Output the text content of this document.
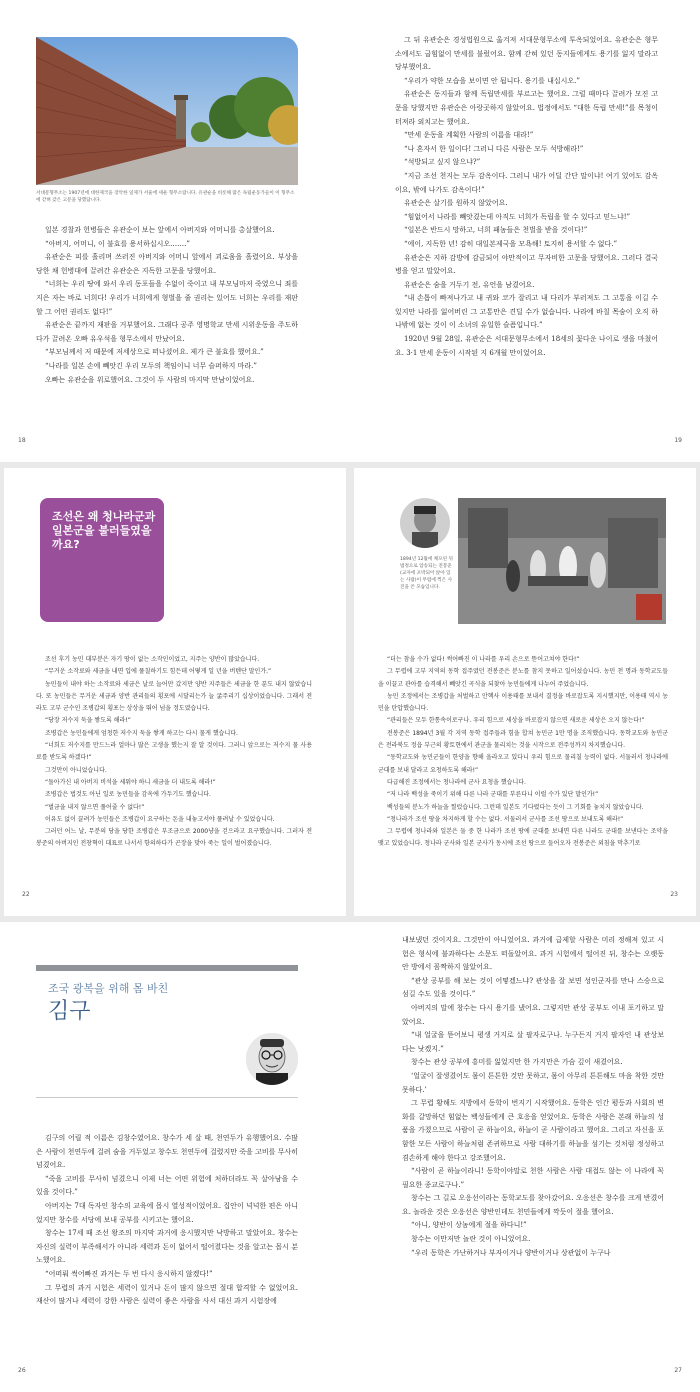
서대문형무소는 1907년에 대한제국을 장악한 일제가 서울에 세운 형무소랍니다. 유관순을 비롯해 많은 독립운동가들이 이 형무소에 갇혀 갖은 고문을 당했답니다.

일본 경찰과 헌병들은 유관순이 보는 앞에서 아버지와 어머니를 총살했어요.

“아버지, 어머니, 이 불효를 용서하십시오…….”

유관순은 피를 흘리며 쓰러진 아버지와 어머니 앞에서 괴로움을 흘렸어요. 부상을 당한 채 헌병대에 끌려간 유관순은 지독한 고문을 당했어요.

“너희는 우리 땅에 와서 우리 동포들을 수없이 죽이고 내 부모님마저 죽였으니 죄를 지은 자는 바로 너희다! 우리가 너희에게 형벌을 줄 권리는 있어도 너희는 우리를 재판할 그 어떤 권리도 없다!”

유관순은 끝까지 재판을 거부했어요. 그래다 공주 영명학교 만세 시위운동을 주도하다가 끌려온 오빠 유우석을 형무소에서 만났어요.

“부모님께서 저 때문에 저세상으로 떠나셨어요. 제가 큰 불효를 했어요.”

“나라를 일본 손에 빼앗긴 우리 모두의 책임이니 너무 슬퍼하지 마라.”

오빠는 유관순을 위로했어요. 그것이 두 사람의 마지막 만남이었어요.

18

그 뒤 유관순은 경성법원으로 옮겨져 서대문형무소에 투옥되었어요. 유관순은 형무소에서도 굽힘없이 만세를 불렀어요. 함께 갇혀 있던 동지들에게도 용기를 잃지 말라고 당부했어요.

“우리가 약한 모습을 보이면 안 됩니다. 용기를 내십시오.”

유관순은 동지들과 함께 독립만세를 부르고는 했어요. 그럴 때마다 끌려가 모진 고문을 당했지만 유관순은 아랑곳하지 않았어요. 법정에서도 “대한 독립 만세!”를 목청이 터져라 외치고는 했어요.

“만세 운동을 계획한 사람의 이름을 대라!”

“나 혼자서 한 일이다! 그러니 다른 사람은 모두 석방해라!”

“석방되고 싶지 않으냐?”

“지금 조선 천지는 모두 감옥이다. 그러니 내가 어딜 간단 말이냐! 여기 있어도 감옥이요, 밖에 나가도 감옥이다!”

유관순은 살기를 원하지 않았어요.

“힘없어서 나라를 빼앗겼는데 아직도 너희가 독립을 할 수 있다고 믿느냐!”

“일본은 반드시 망하고, 너희 패놈들은 천벌을 받을 것이다!”

“에이, 지독한 년! 감히 대일본제국을 모욕해! 토지히 용서할 수 없다.”

유관순은 지하 감방에 감금되어 야만적이고 무자비한 고문을 당했어요. 그러다 결국 병을 얻고 말았어요.

유관순은 숨을 거두기 전, 유언을 남겼어요.

“내 손톱이 빠져나가고 내 귀와 코가 잘리고 내 다리가 부러져도 그 고통을 이길 수 있지만 나라를 잃어버린 그 고통만은 견딜 수가 없습니다. 나라에 바칠 목숨이 오직 하나밖에 없는 것이 이 소녀의 유일한 슬픔입니다.”

1920년 9월 28일, 유관순은 서대문형무소에서 18세의 꽃다운 나이로 생을 마쳤어요. 3·1 만세 운동이 시작된 지 6개월 만이었어요.

19
조선은 왜 청나라군과 일본군을 불러들였을까요?

조선 후기 농민 대부분은 자기 땅이 없는 소작인이었고, 지주는 양반이 많았습니다.

“무거운 소작료와 세금을 내면 입에 풀칠하기도 힘든데 어떻게 일 년을 버텐단 말인가.”

농민들이 내야 하는 소작료와 세금은 날로 늘어만 갔지만 양반 지주들은 세금을 한 푼도 내지 않았습니다. 또 농민들은 무거운 세금과 양반 관리들의 횡포에 시달리는가 늘 굶주리기 십상이었습니다. 그래서 전라도 고부 군수인 조병갑의 횡포는 상상을 뛰어 넘을 정도였습니다.

“당장 저수지 둑을 쌓도록 해라!”

조병갑은 농민들에게 엄청한 저수지 둑을 쌓게 하고는 다시 물게 했습니다.

“너희도 저수지를 만드느라 얼마나 많은 고생을 했는지 잘 알 것이다. 그러니 앞으로는 저수지 물 사용료를 받도록 하겠다!”

그것만이 아니었습니다.

“돌아가신 내 아버지 비석을 세워야 하니 세금을 더 내도록 해라!”

조병갑은 법것도 아닌 일로 농민들을 감옥에 가두기도 했습니다.

“벌금을 내지 않으면 풀어줄 수 없다!”

이유도 없이 끌려가 농민들은 조병갑이 요구하는 돈을 내놓고서야 풀려날 수 있었습니다.

그러던 어느 날, 무분의 당을 당한 조병갑은 부조금으로 2000냥을 걷으라고 요구했습니다. 그러자 전봉준의 아버지인 전창혁이 대표로 나서서 항의하다가 곤장을 맞아 죽는 일이 벌어졌습니다.

22
1894년 12월에 체포된 뒤 법정으로 압송되는 전봉준(교자에 포박되어 앉아 있는 사람)이 무렵에 찍은 사진을 쓴 모습입니다.

“더는 참을 수가 없다! 썩어빠진 이 나라를 우리 손으로 뜯어고쳐야 한다!”

그 무렵에 고부 지역의 동학 접주였던 전봉준은 분노를 참지 못하고 일어섰습니다. 농민 천 명과 동학교도들을 이끌고 관아를 습격해서 빼앗긴 곡식을 되찾아 농민들에게 나누어 주었습니다.

농민 조정에서는 조병갑을 처벌하고 안핵사 이용태를 보내서 결정을 바로잡도록 지시했지만, 이용태 역시 농민을 탄압했습니다.

“관리들은 모두 한통속이로구나. 우리 힘으로 세상을 바로잡지 않으면 새로운 세상은 오지 않는다!”

전봉준은 1894년 3월 각 지역 동학 접주들과 힘을 합쳐 농민군 1만 명을 조직했습니다. 동학교도와 농민군은 전라북도 정읍 부근의 황토현에서 관군을 물리치는 것을 시작으로 전주성까지 차지했습니다.

“동학교도와 농민군들이 한양을 향해 올라오고 있다니 우리 힘으로 물리칠 능력이 없다. 서둘러서 청나라에 군대를 보내 달라고 요청하도록 해라!”

다급해진 조정에서는 청나라에 군사 요청을 했습니다.

“저 나라 백성을 죽이기 위해 다른 나라 군대를 부른다니 이럴 수가 있단 말인가!”

백성들의 분노가 하늘을 찔렀습니다. 그런데 일본도 기다렸다는 듯이 그 기회를 놓치지 않았습니다.

“청나라가 조선 땅을 차지하게 할 수는 없다. 서둘러서 군사를 조선 땅으로 보내도록 해라!”

그 무렵에 청나라와 일본은 둘 중 한 나라가 조선 땅에 군대를 보내면 다른 나라도 군대를 보낸다는 조약을 맺고 있었습니다. 청나라 군사와 일본 군사가 동시에 조선 땅으로 들어오자 전봉준은 외침을 막추기로

23
조국 광복을 위해 몸 바친
김구

김구의 어릴 적 이름은 김창수였어요. 창수가 세 살 때, 천연두가 유행했어요. 수많은 사람이 천연두에 걸려 숨을 거두었고 창수도 천연두에 걸렸지만 죽을 고비를 무사히 넘겼어요.

“죽을 고비를 무사히 넘겼으니 이제 너는 어떤 위험에 처하더라도 꼭 살아남을 수 있을 것이다.”

아버지는 7대 독자인 창수의 교육에 몹시 열성적이었어요. 집안이 넉넉한 편은 아니었지만 창수를 서당에 보내 공부를 시키고는 했어요.

창수는 17세 때 조선 왕조의 마지막 과거에 응시했지만 낙방하고 말았어요. 창수는 자신의 실력이 부족해서가 아니라 세력과 돈이 없어서 떨어졌다는 것을 알고는 몹시 분노했어요.

“어떠뤄 썩어빠진 과거는 두 번 다시 응시하지 않겠다!”

그 무렵의 과거 시험은 세력이 있거나 돈이 많지 않으면 절대 합격할 수 없었어요. 재산이 많거나 세력이 강한 사람은 실력이 좋은 사람을 사서 대신 과거 시험장에

26

내보냈던 것이지요. 그것만이 아니었어요. 과거에 급제할 사람은 미리 정해져 있고 시험은 형식에 불과하다는 소문도 떠돌았어요. 과거 시험에서 떨어진 뒤, 창수는 오랫동안 방에서 꼼짝하지 않았어요.

“관상 공부를 해 보는 것이 어떻겠느냐? 관상을 잘 보면 성인군자를 만나 스승으로 섬길 수도 있을 것이다.”

아버지의 말에 창수는 다시 용기를 냈어요. 그렇지만 관상 공부도 이내 포기하고 말았어요.

“내 얼굴을 뜯어보니 평생 거지로 살 팔자로구나. 누구든지 거지 팔자인 내 관상보다는 낫겠지.”

창수는 관상 공부에 흥미를 잃었지만 한 가지만은 가슴 깊이 새겼어요.

‘얼굴이 잘생겼어도 몸이 튼튼한 것만 못하고, 몸이 아무리 튼튼해도 마음 착한 것만 못하다.’

그 무렵 황해도 지방에서 동학이 번지기 시작했어요. 동학은 인간 평등과 사회의 변화를 갈망하던 힘없는 백성들에게 큰 호응을 얻었어요. 동학은 사람은 본래 하늘의 성품을 가졌으므로 사람이 곧 하늘이요, 하늘이 곧 사람이라고 했어요. 그리고 자신을 포함한 모든 사람이 하늘처럼 존귀하므로 사람 대하기를 하늘을 섬기는 것처럼 정성하고 겸손하게 해야 한다고 강조했어요.

“사람이 곧 하늘이라니! 동학이야말로 천한 사람은 사람 대접도 않는 이 나라에 꼭 필요한 종교로구나.”

창수는 그 길로 오응선이라는 동학교도를 찾아갔어요. 오응선은 창수를 크게 반겼어요. 놀라운 것은 오응선은 양반인데도 천민들에게 깍듯이 절을 했어요.

“아니, 양반이 상놈에게 절을 하다니!”

창수는 이만저만 놀란 것이 아니었어요.

“우리 동학은 가난하거나 부자이거나 양반이거나 상관없이 누구나

27
